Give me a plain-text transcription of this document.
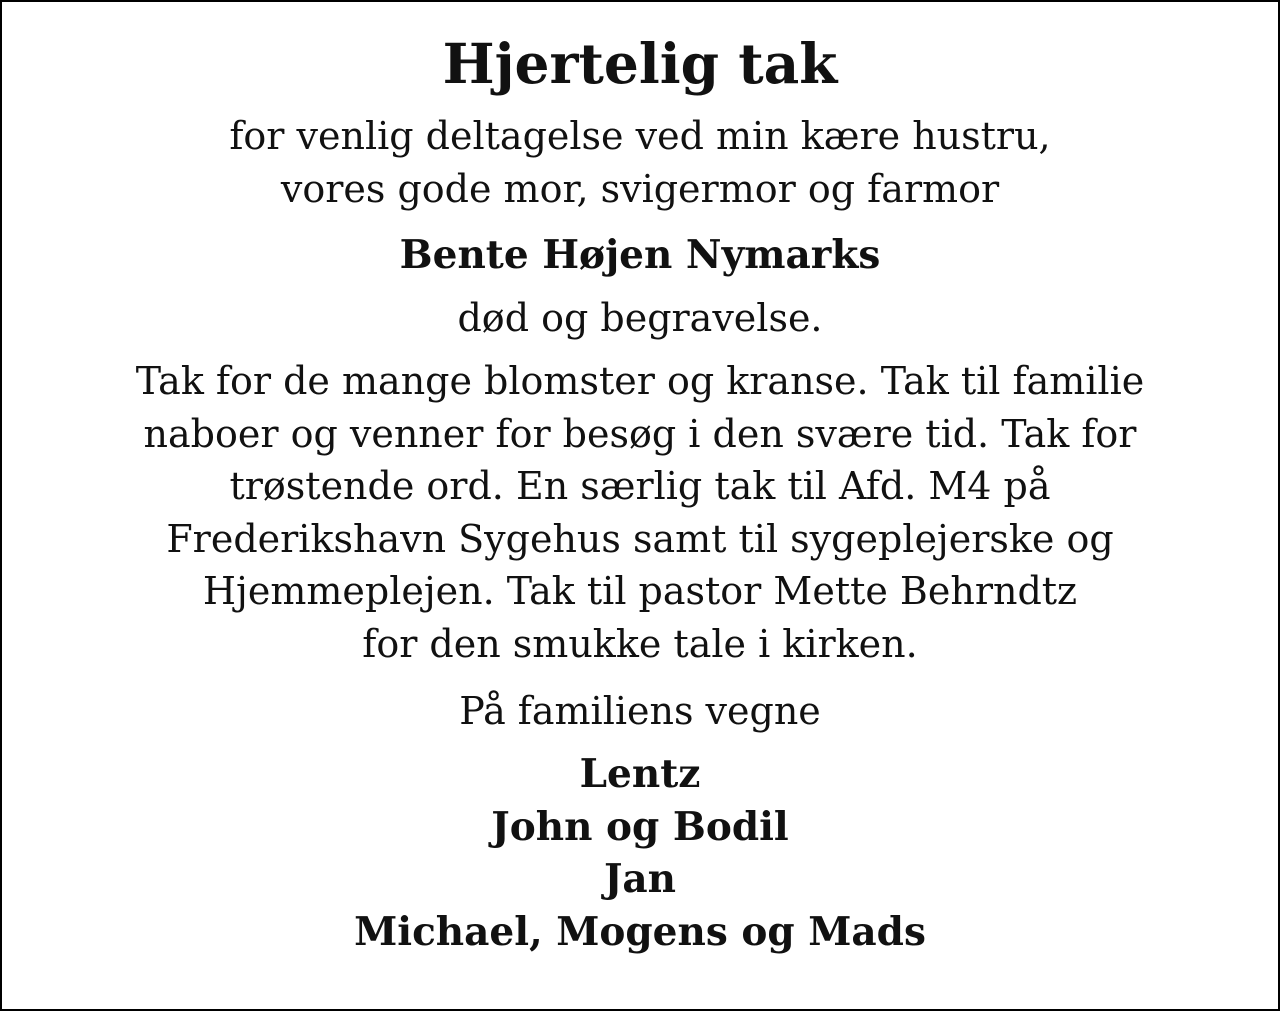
Hjertelig tak

for venlig deltagelse ved min kære hustru,
vores gode mor, svigermor og farmor

Bente Højen Nymarks

død og begravelse.

Tak for de mange blomster og kranse. Tak til familie
naboer og venner for besøg i den svære tid. Tak for
trøstende ord. En særlig tak til Afd. M4 på
Frederikshavn Sygehus samt til sygeplejerske og
Hjemmeplejen. Tak til pastor Mette Behrndtz
for den smukke tale i kirken.

På familiens vegne

Lentz
John og Bodil
Jan
Michael, Mogens og Mads
